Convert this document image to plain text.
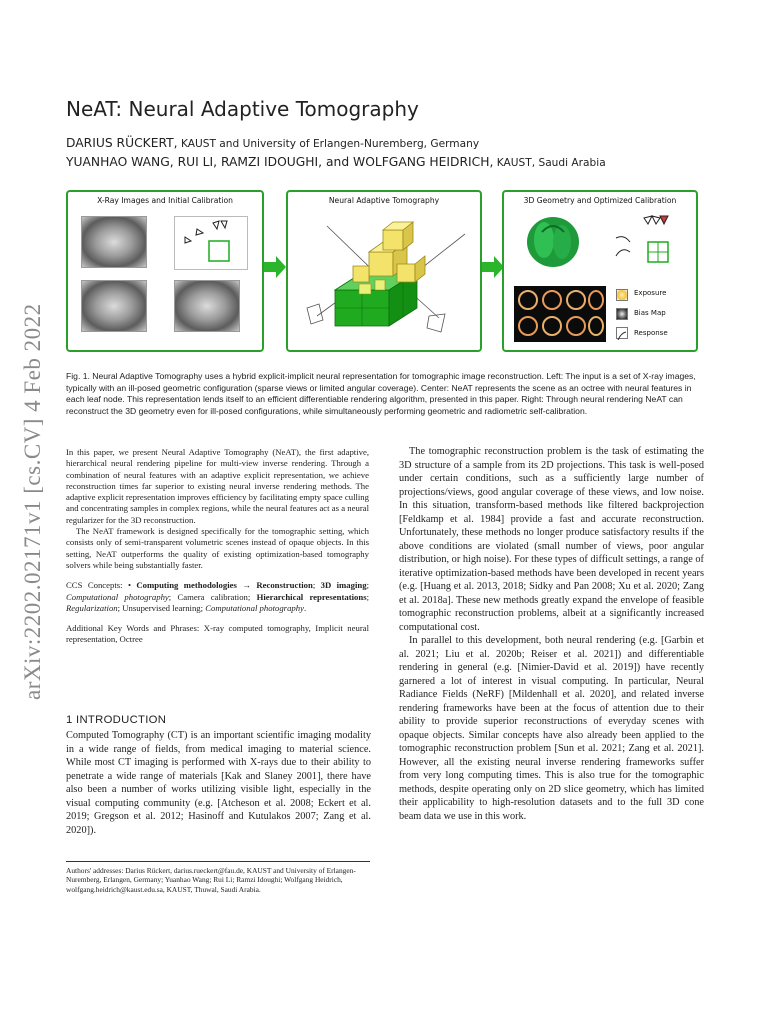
arXiv:2202.02171v1 [cs.CV] 4 Feb 2022
NeAT: Neural Adaptive Tomography
DARIUS RÜCKERT, KAUST and University of Erlangen-Nuremberg, Germany
YUANHAO WANG, RUI LI, RAMZI IDOUGHI, and WOLFGANG HEIDRICH, KAUST, Saudi Arabia
X-Ray Images and Initial Calibration	Neural Adaptive Tomography	3D Geometry and Optimized Calibration
Exposure
Bias Map
Response
Fig. 1. Neural Adaptive Tomography uses a hybrid explicit-implicit neural representation for tomographic image reconstruction. Left: The input is a set of X-ray images, typically with an ill-posed geometric configuration (sparse views or limited angular coverage). Center: NeAT represents the scene as an octree with neural features in each leaf node. This representation lends itself to an efficient differentiable rendering algorithm, presented in this paper. Right: Through neural rendering NeAT can reconstruct the 3D geometry even for ill-posed configurations, while simultaneously performing geometric and radiometric self-calibration.

In this paper, we present Neural Adaptive Tomography (NeAT), the first adaptive, hierarchical neural rendering pipeline for multi-view inverse rendering. Through a combination of neural features with an adaptive explicit representation, we achieve reconstruction times far superior to existing neural inverse rendering methods. The adaptive explicit representation improves efficiency by facilitating empty space culling and concentrating samples in complex regions, while the neural features act as a neural regularizer for the 3D reconstruction.

The NeAT framework is designed specifically for the tomographic setting, which consists only of semi-transparent volumetric scenes instead of opaque objects. In this setting, NeAT outperforms the quality of existing optimization-based tomography solvers while being substantially faster.

CCS Concepts: • Computing methodologies → Reconstruction; 3D imaging; Computational photography; Camera calibration; Hierarchical representations; Regularization; Unsupervised learning; Computational photography.

Additional Key Words and Phrases: X-ray computed tomography, Implicit neural representation, Octree

1 INTRODUCTION

Computed Tomography (CT) is an important scientific imaging modality in a wide range of fields, from medical imaging to material science. While most CT imaging is performed with X-rays due to their ability to penetrate a wide range of materials [Kak and Slaney 2001], there have also been a number of works utilizing visible light, especially in the visual computing community (e.g. [Atcheson et al. 2008; Eckert et al. 2019; Gregson et al. 2012; Hasinoff and Kutulakos 2007; Zang et al. 2020]).

Authors' addresses: Darius Rückert, darius.rueckert@fau.de, KAUST and University of Erlangen-Nuremberg, Erlangen, Germany; Yuanhao Wang; Rui Li; Ramzi Idoughi; Wolfgang Heidrich, wolfgang.heidrich@kaust.edu.sa, KAUST, Thuwal, Saudi Arabia.

The tomographic reconstruction problem is the task of estimating the 3D structure of a sample from its 2D projections. This task is well-posed under certain conditions, such as a sufficiently large number of projections/views, good angular coverage of these views, and low noise. In this situation, transform-based methods like filtered backprojection [Feldkamp et al. 1984] provide a fast and accurate reconstruction. Unfortunately, these methods no longer produce satisfactory results if the above conditions are violated (small number of views, poor angular distribution, or high noise). For these types of difficult settings, a range of iterative optimization-based methods have been developed in recent years (e.g. [Huang et al. 2013, 2018; Sidky and Pan 2008; Xu et al. 2020; Zang et al. 2018a]. These new methods greatly expand the envelope of feasible tomographic reconstruction problems, albeit at a significantly increased computational cost.

In parallel to this development, both neural rendering (e.g. [Garbin et al. 2021; Liu et al. 2020b; Reiser et al. 2021]) and differentiable rendering in general (e.g. [Nimier-David et al. 2019]) have recently garnered a lot of interest in visual computing. In particular, Neural Radiance Fields (NeRF) [Mildenhall et al. 2020], and related inverse rendering frameworks have been at the focus of attention due to their ability to provide superior reconstructions of everyday scenes with opaque objects. Similar concepts have also already been applied to the tomographic reconstruction problem [Sun et al. 2021; Zang et al. 2021]. However, all the existing neural inverse rendering frameworks suffer from very long computing times. This is also true for the tomographic methods, despite operating only on 2D slice geometry, which has limited their applicability to high-resolution datasets and to the full 3D cone beam data we use in this work.
